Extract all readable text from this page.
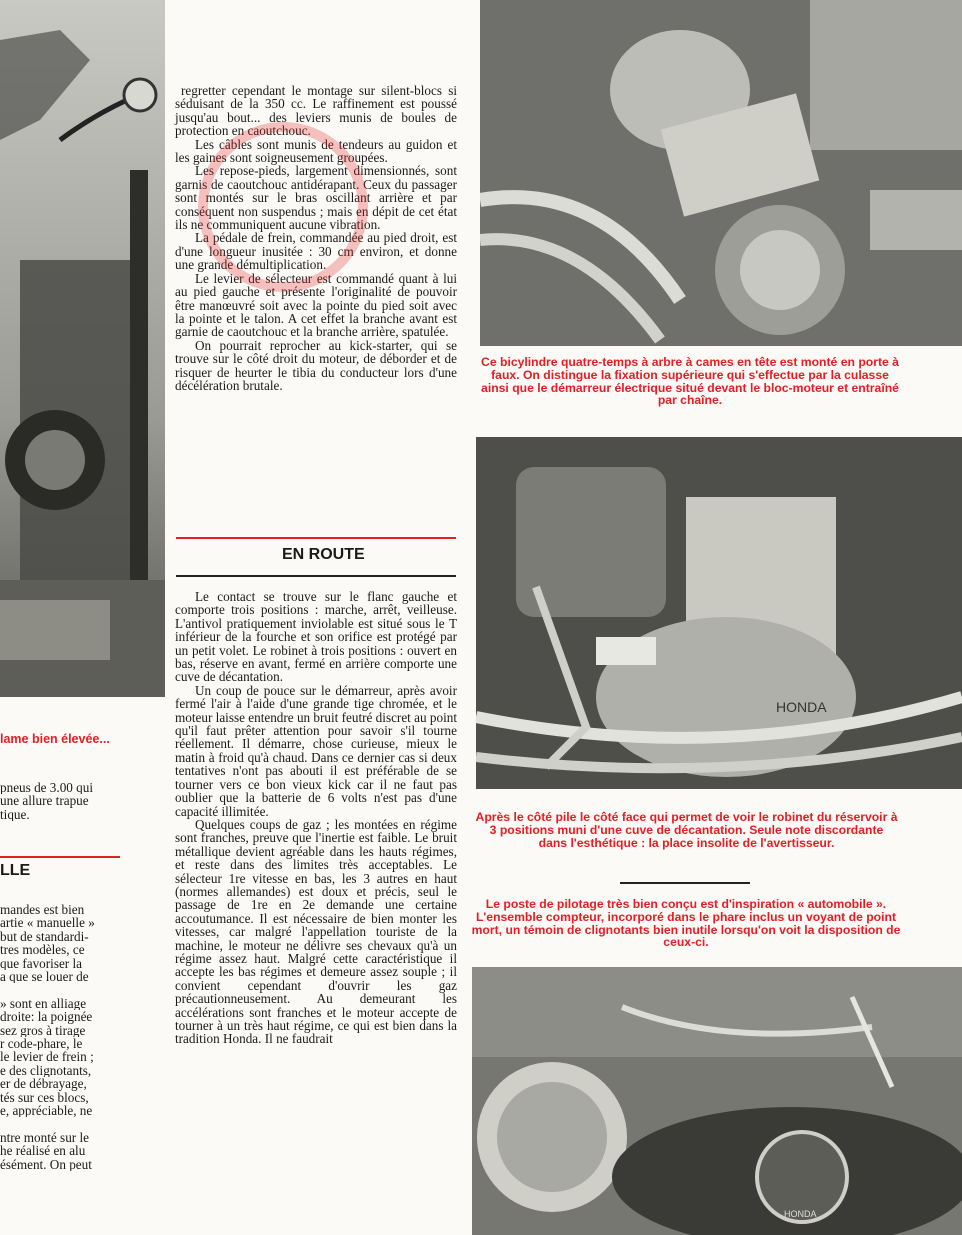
lame bien élevée...

pneus de 3.00 qui

une allure trapue

tique.

LLE

mandes est bien

artie « manuelle »

but de standardi-

tres modèles, ce

que favoriser la

a que se louer de

» sont en alliage

droite: la poignée

sez gros à tirage

r code-phare, le

le levier de frein ;

e des clignotants,

er de débrayage,

tés sur ces blocs,

e, appréciable, ne

ntre monté sur le

he réalisé en alu

ésément. On peut

regretter cependant le montage sur silent-blocs si séduisant de la 350 cc. Le raffinement est poussé jusqu'au bout... des leviers munis de boules de protection en caoutchouc.

Les câbles sont munis de tendeurs au guidon et les gaines sont soigneusement groupées.

Les repose-pieds, largement dimensionnés, sont garnis de caoutchouc antidérapant. Ceux du passager sont montés sur le bras oscillant arrière et par conséquent non suspendus ; mais en dépit de cet état ils ne communiquent aucune vibration.

La pédale de frein, commandée au pied droit, est d'une longueur inusitée : 30 cm environ, et donne une grande démultiplication.

Le levier de sélecteur est commandé quant à lui au pied gauche et présente l'originalité de pouvoir être manœuvré soit avec la pointe du pied soit avec la pointe et le talon. A cet effet la branche avant est garnie de caoutchouc et la branche arrière, spatulée.

On pourrait reprocher au kick-starter, qui se trouve sur le côté droit du moteur, de déborder et de risquer de heurter le tibia du conducteur lors d'une décélération brutale.

EN ROUTE

Le contact se trouve sur le flanc gauche et comporte trois positions : marche, arrêt, veilleuse. L'antivol pratiquement inviolable est situé sous le T inférieur de la fourche et son orifice est protégé par un petit volet. Le robinet à trois positions : ouvert en bas, réserve en avant, fermé en arrière comporte une cuve de décantation.

Un coup de pouce sur le démarreur, après avoir fermé l'air à l'aide d'une grande tige chromée, et le moteur laisse entendre un bruit feutré discret au point qu'il faut prêter attention pour savoir s'il tourne réellement. Il démarre, chose curieuse, mieux le matin à froid qu'à chaud. Dans ce dernier cas si deux tentatives n'ont pas abouti il est préférable de se tourner vers ce bon vieux kick car il ne faut pas oublier que la batterie de 6 volts n'est pas d'une capacité illimitée.

Quelques coups de gaz ; les montées en régime sont franches, preuve que l'inertie est faible. Le bruit métallique devient agréable dans les hauts régimes, et reste dans des limites très acceptables. Le sélecteur 1re vitesse en bas, les 3 autres en haut (normes allemandes) est doux et précis, seul le passage de 1re en 2e demande une certaine accoutumance. Il est nécessaire de bien monter les vitesses, car malgré l'appellation touriste de la machine, le moteur ne délivre ses chevaux qu'à un régime assez haut. Malgré cette caractéristique il accepte les bas régimes et demeure assez souple ; il convient cependant d'ouvrir les gaz précautionneusement. Au demeurant les accélérations sont franches et le moteur accepte de tourner à un très haut régime, ce qui est bien dans la tradition Honda. Il ne faudrait

Ce bicylindre quatre-temps à arbre à cames en tête est monté en porte à faux. On distingue la fixation supérieure qui s'effectue par la culasse ainsi que le démarreur électrique situé devant le bloc-moteur et entraîné par chaîne.
HONDA
Après le côté pile le côté face qui permet de voir le robinet du réservoir à 3 positions muni d'une cuve de décantation. Seule note discordante dans l'esthétique : la place insolite de l'avertisseur.
Le poste de pilotage très bien conçu est d'inspiration « automobile ». L'ensemble compteur, incorporé dans le phare inclus un voyant de point mort, un témoin de clignotants bien inutile lorsqu'on voit la disposition de ceux-ci.
HONDA
